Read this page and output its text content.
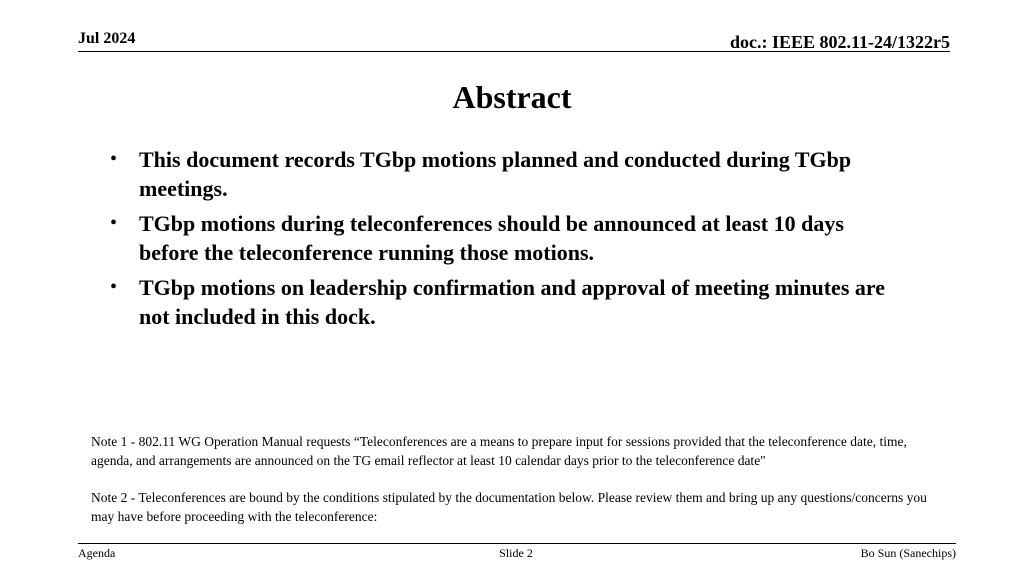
Jul 2024	doc.: IEEE 802.11-24/1322r5
Abstract
• This document records TGbp motions planned and conducted during TGbp meetings.
• TGbp motions during teleconferences should be announced at least 10 days before the teleconference running those motions.
• TGbp motions on leadership confirmation and approval of meeting minutes are not included in this dock.

Note 1 - 802.11 WG Operation Manual requests “Teleconferences are a means to prepare input for sessions provided that the teleconference date, time, agenda, and arrangements are announced on the TG email reflector at least 10 calendar days prior to the teleconference date"

Note 2 - Teleconferences are bound by the conditions stipulated by the documentation below. Please review them and bring up any questions/concerns you may have before proceeding with the teleconference:

Agenda	Slide 2	Bo Sun (Sanechips)
